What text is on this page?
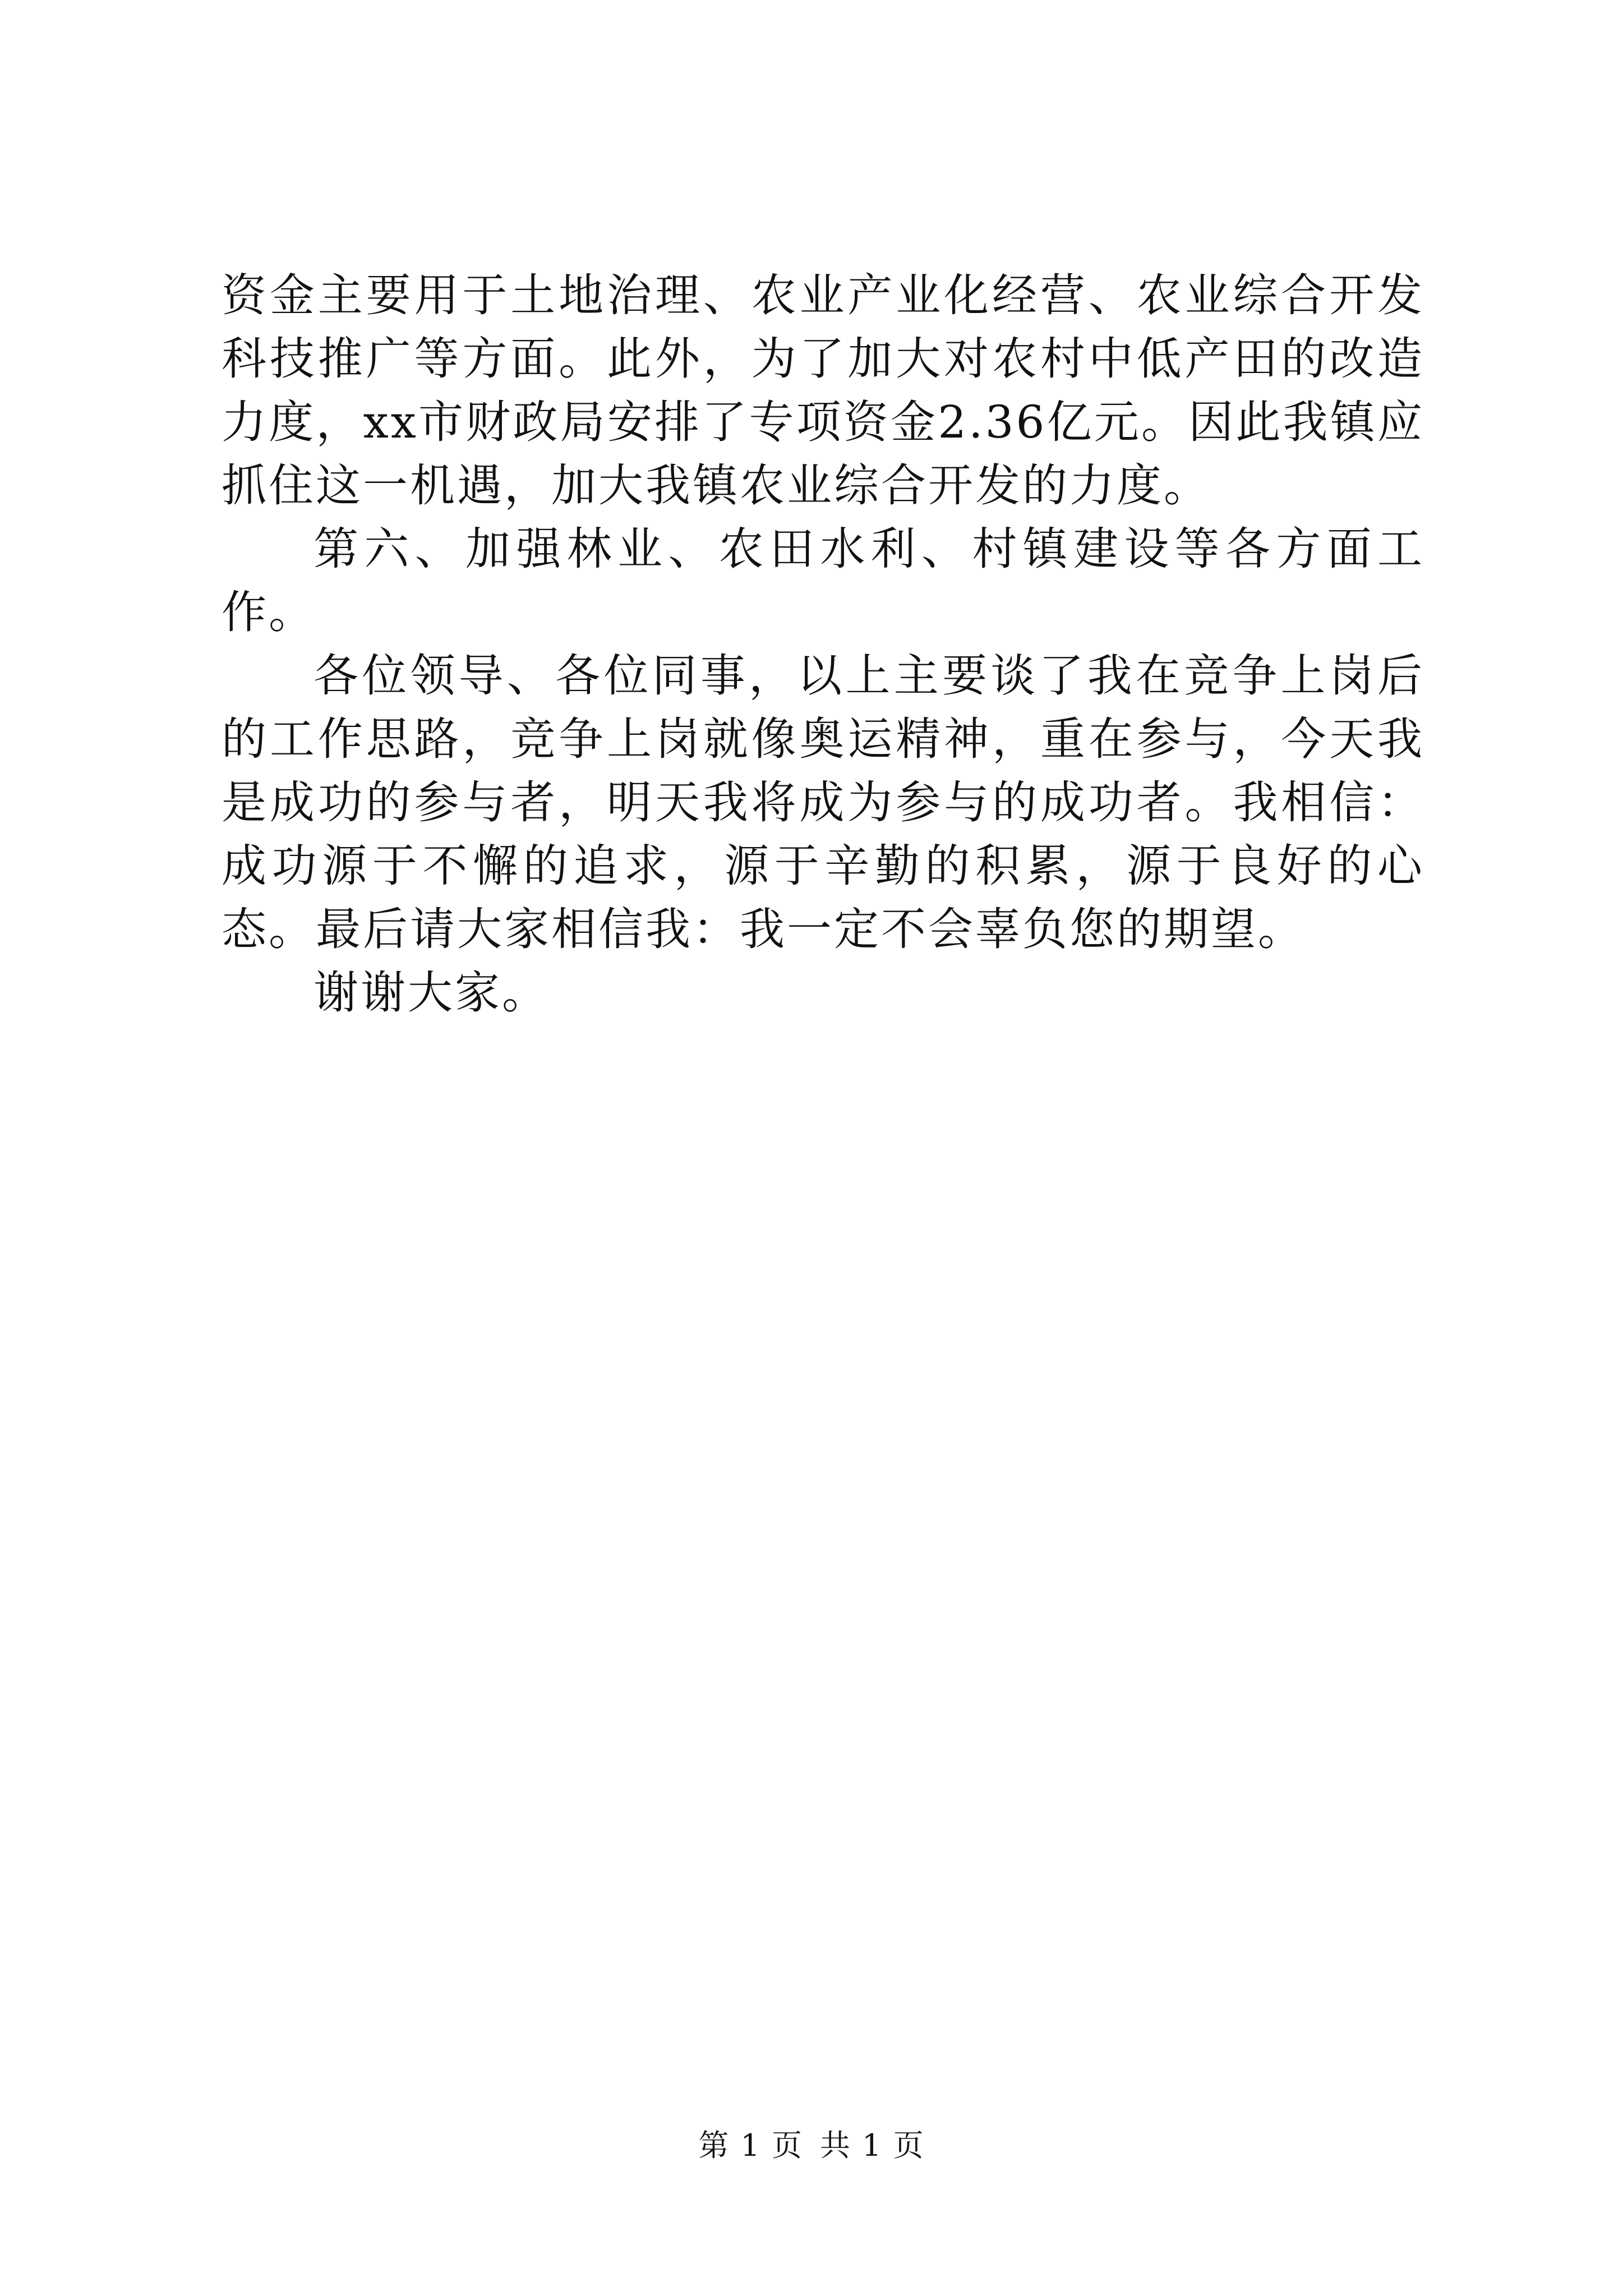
资金主要用于土地治理、农业产业化经营、农业综合开发科技推广等方面。此外，为了加大对农村中低产田的改造力度，xx市财政局安排了专项资金2.36亿元。因此我镇应抓住这一机遇，加大我镇农业综合开发的力度。

第六、加强林业、农田水利、村镇建设等各方面工作。

各位领导、各位同事，以上主要谈了我在竞争上岗后的工作思路，竞争上岗就像奥运精神，重在参与，今天我是成功的参与者，明天我将成为参与的成功者。我相信：成功源于不懈的追求，源于辛勤的积累，源于良好的心态。最后请大家相信我：我一定不会辜负您的期望。

谢谢大家。

第 1 页 共 1 页
